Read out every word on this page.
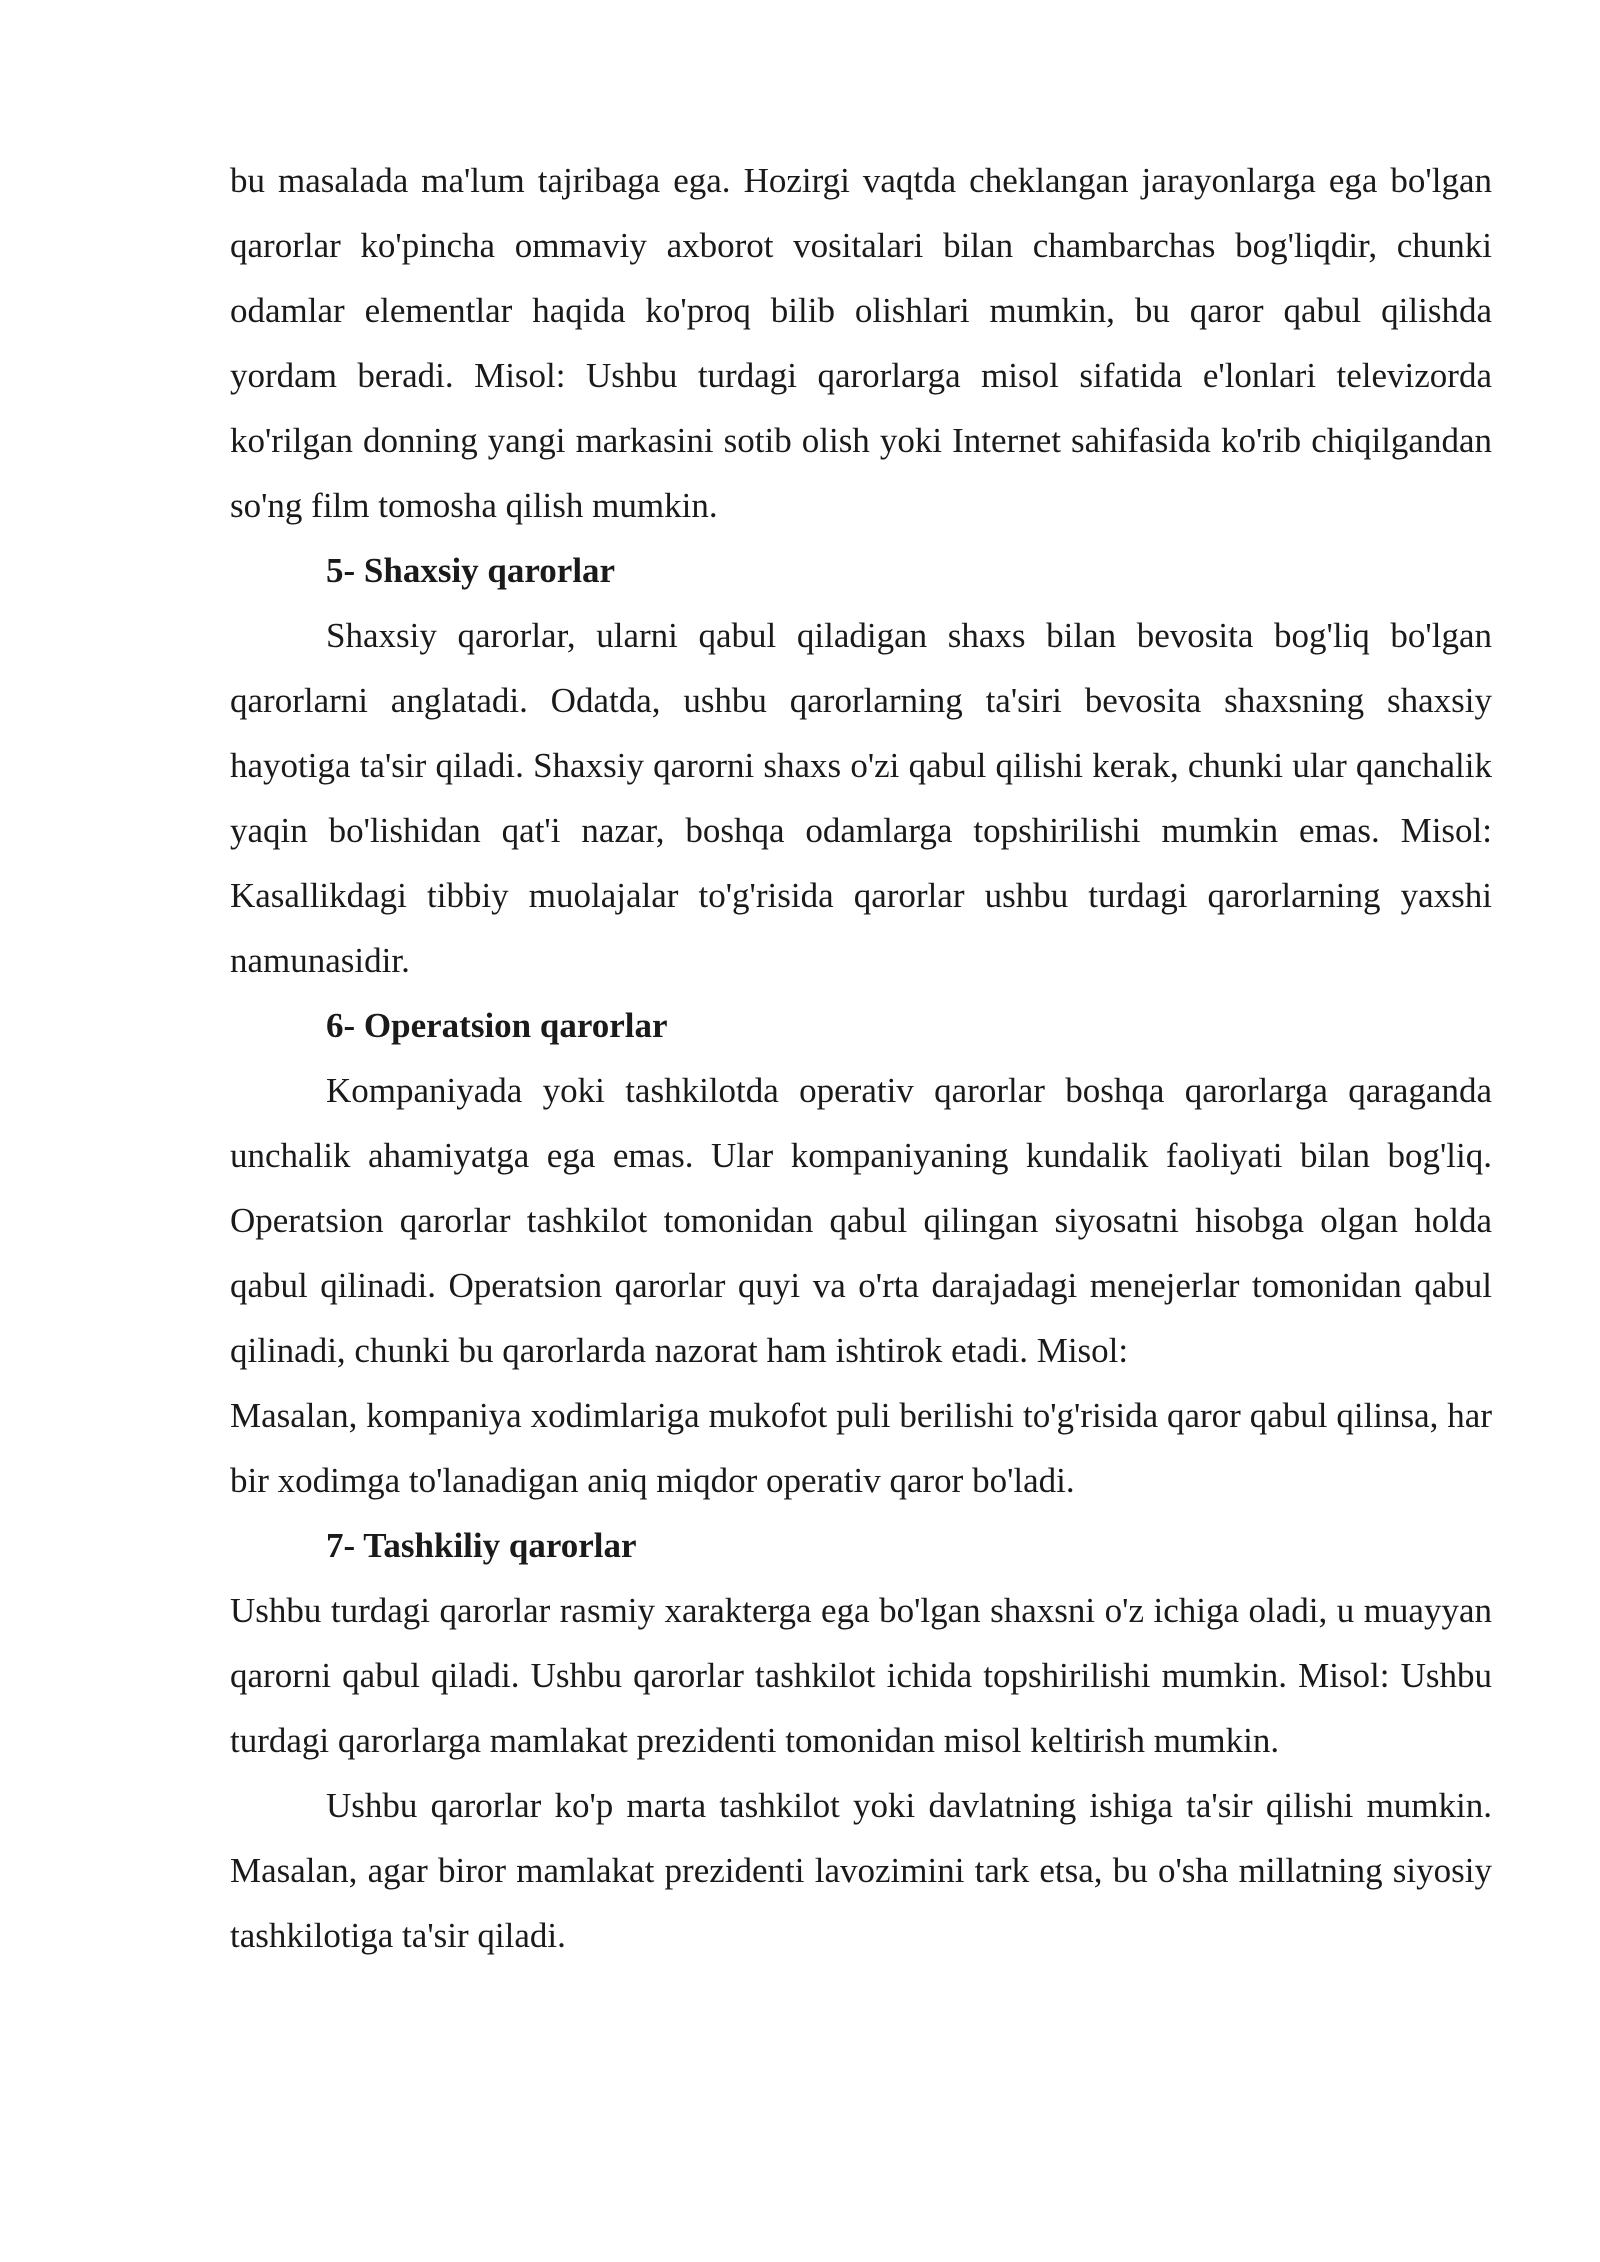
bu masalada ma'lum tajribaga ega. Hozirgi vaqtda cheklangan jarayonlarga ega bo'lgan qarorlar ko'pincha ommaviy axborot vositalari bilan chambarchas bog'liqdir, chunki odamlar elementlar haqida ko'proq bilib olishlari mumkin, bu qaror qabul qilishda yordam beradi. Misol: Ushbu turdagi qarorlarga misol sifatida e'lonlari televizorda ko'rilgan donning yangi markasini sotib olish yoki Internet sahifasida ko'rib chiqilgandan so'ng film tomosha qilish mumkin.

5- Shaxsiy qarorlar

Shaxsiy qarorlar, ularni qabul qiladigan shaxs bilan bevosita bog'liq bo'lgan qarorlarni anglatadi. Odatda, ushbu qarorlarning ta'siri bevosita shaxsning shaxsiy hayotiga ta'sir qiladi. Shaxsiy qarorni shaxs o'zi qabul qilishi kerak, chunki ular qanchalik yaqin bo'lishidan qat'i nazar, boshqa odamlarga topshirilishi mumkin emas. Misol: Kasallikdagi tibbiy muolajalar to'g'risida qarorlar ushbu turdagi qarorlarning yaxshi namunasidir.

6- Operatsion qarorlar

Kompaniyada yoki tashkilotda operativ qarorlar boshqa qarorlarga qaraganda unchalik ahamiyatga ega emas. Ular kompaniyaning kundalik faoliyati bilan bog'liq. Operatsion qarorlar tashkilot tomonidan qabul qilingan siyosatni hisobga olgan holda qabul qilinadi. Operatsion qarorlar quyi va o'rta darajadagi menejerlar tomonidan qabul qilinadi, chunki bu qarorlarda nazorat ham ishtirok etadi. Misol:

Masalan, kompaniya xodimlariga mukofot puli berilishi to'g'risida qaror qabul qilinsa, har bir xodimga to'lanadigan aniq miqdor operativ qaror bo'ladi.

7- Tashkiliy qarorlar

Ushbu turdagi qarorlar rasmiy xarakterga ega bo'lgan shaxsni o'z ichiga oladi, u muayyan qarorni qabul qiladi. Ushbu qarorlar tashkilot ichida topshirilishi mumkin. Misol: Ushbu turdagi qarorlarga mamlakat prezidenti tomonidan misol keltirish mumkin.

Ushbu qarorlar ko'p marta tashkilot yoki davlatning ishiga ta'sir qilishi mumkin. Masalan, agar biror mamlakat prezidenti lavozimini tark etsa, bu o'sha millatning siyosiy tashkilotiga ta'sir qiladi.
